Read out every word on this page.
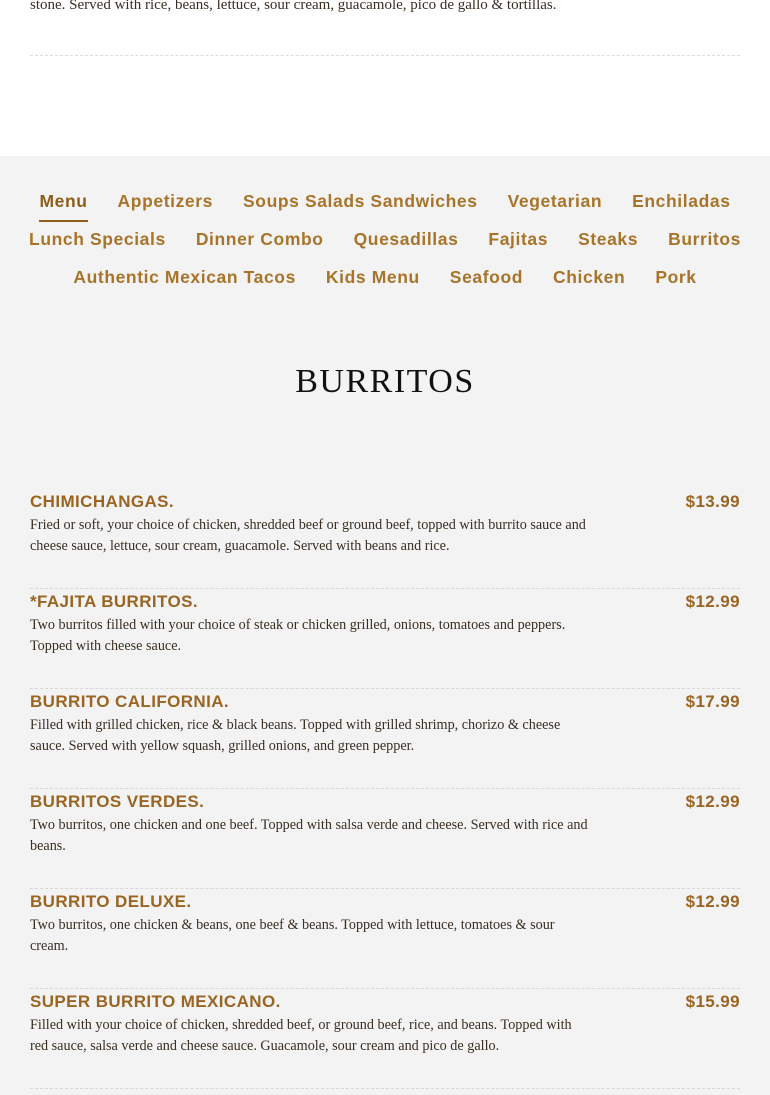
stone. Served with rice, beans, lettuce, sour cream, guacamole, pico de gallo & tortillas.

Menu Appetizers Soups Salads Sandwiches Vegetarian Enchiladas
Lunch Specials Dinner Combo Quesadillas Fajitas Steaks Burritos
Authentic Mexican Tacos Kids Menu Seafood Chicken Pork
BURRITOS
CHIMICHANGAS.	$13.99

Fried or soft, your choice of chicken, shredded beef or ground beef, topped with burrito sauce and cheese sauce, lettuce, sour cream, guacamole. Served with beans and rice.

*FAJITA BURRITOS.	$12.99

Two burritos filled with your choice of steak or chicken grilled, onions, tomatoes and peppers. Topped with cheese sauce.

BURRITO CALIFORNIA.	$17.99

Filled with grilled chicken, rice & black beans. Topped with grilled shrimp, chorizo & cheese sauce. Served with yellow squash, grilled onions, and green pepper.

BURRITOS VERDES.	$12.99

Two burritos, one chicken and one beef. Topped with salsa verde and cheese. Served with rice and beans.

BURRITO DELUXE.	$12.99

Two burritos, one chicken & beans, one beef & beans. Topped with lettuce, tomatoes & sour cream.

SUPER BURRITO MEXICANO.	$15.99

Filled with your choice of chicken, shredded beef, or ground beef, rice, and beans. Topped with red sauce, salsa verde and cheese sauce. Guacamole, sour cream and pico de gallo.
